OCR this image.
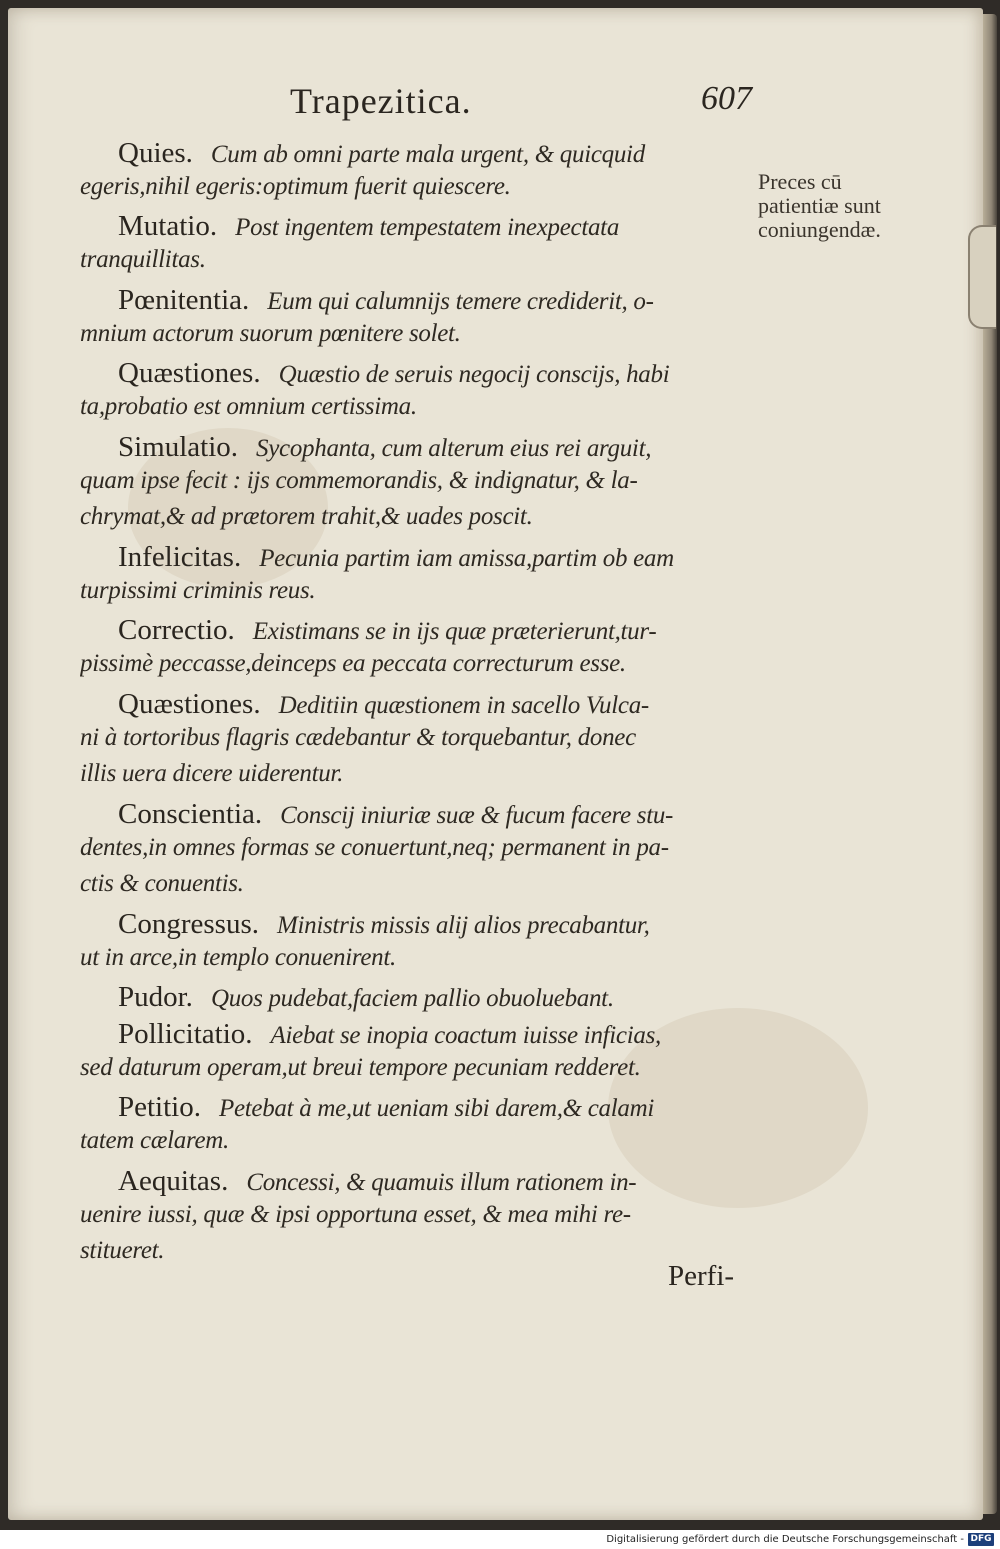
Trapezitica.	607
Preces cū patientiæ sunt coniungendæ.
Quies. Cum ab omni parte mala urgent, & quicquid
egeris,nihil egeris:optimum fuerit quiescere.
Mutatio. Post ingentem tempestatem inexpectata
tranquillitas.
Pœnitentia. Eum qui calumnijs temere crediderit, o-
mnium actorum suorum pœnitere solet.
Quæstiones. Quæstio de seruis negocij conscijs, habi
ta,probatio est omnium certissima.
Simulatio. Sycophanta, cum alterum eius rei arguit,
quam ipse fecit : ijs commemorandis, & indignatur, & la-
chrymat,& ad prætorem trahit,& uades poscit.
Infelicitas. Pecunia partim iam amissa,partim ob eam
turpissimi criminis reus.
Correctio. Existimans se in ijs quæ præterierunt,tur-
pissimè peccasse,deinceps ea peccata correcturum esse.
Quæstiones. Deditiin quæstionem in sacello Vulca-
ni à tortoribus flagris cædebantur & torquebantur, donec
illis uera dicere uiderentur.
Conscientia. Conscij iniuriæ suæ & fucum facere stu-
dentes,in omnes formas se conuertunt,neq; permanent in pa-
ctis & conuentis.
Congressus. Ministris missis alij alios precabantur,
ut in arce,in templo conuenirent.
Pudor. Quos pudebat,faciem pallio obuoluebant.
Pollicitatio. Aiebat se inopia coactum iuisse inficias,
sed daturum operam,ut breui tempore pecuniam redderet.
Petitio. Petebat à me,ut ueniam sibi darem,& calami
tatem cælarem.
Aequitas. Concessi, & quamuis illum rationem in-
uenire iussi, quæ & ipsi opportuna esset, & mea mihi re-
stitueret.
Perfi-
Digitalisierung gefördert durch die Deutsche Forschungsgemeinschaft - DFG
